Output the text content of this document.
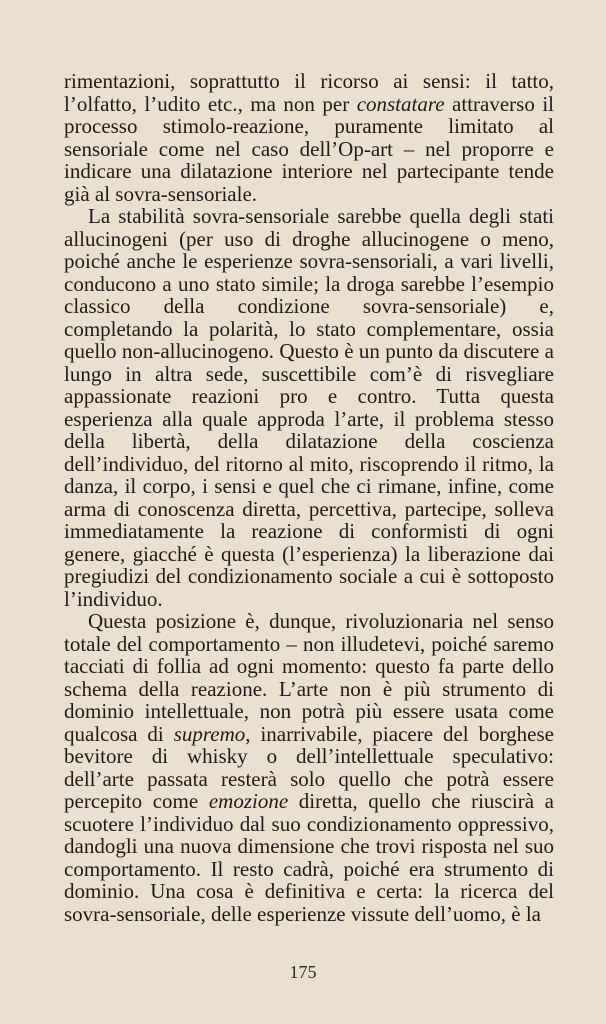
rimentazioni, soprattutto il ricorso ai sensi: il tatto, l’olfatto, l’udito etc., ma non per constatare attraverso il processo stimolo-reazione, puramente limitato al sensoriale come nel caso dell’Op-art – nel proporre e indicare una dilatazione interiore nel partecipante tende già al sovra-sensoriale.

La stabilità sovra-sensoriale sarebbe quella degli stati allucinogeni (per uso di droghe allucinogene o meno, poiché anche le esperienze sovra-sensoriali, a vari livelli, conducono a uno stato simile; la droga sarebbe l’esempio classico della condizione sovra-sensoriale) e, completando la polarità, lo stato complementare, ossia quello non-allucinogeno. Questo è un punto da discutere a lungo in altra sede, suscettibile com’è di risvegliare appassionate reazioni pro e contro. Tutta questa esperienza alla quale approda l’arte, il problema stesso della libertà, della dilatazione della coscienza dell’individuo, del ritorno al mito, riscoprendo il ritmo, la danza, il corpo, i sensi e quel che ci rimane, infine, come arma di conoscenza diretta, percettiva, partecipe, solleva immediatamente la reazione di conformisti di ogni genere, giacché è questa (l’esperienza) la liberazione dai pregiudizi del condizionamento sociale a cui è sottoposto l’individuo.

Questa posizione è, dunque, rivoluzionaria nel senso totale del comportamento – non illudetevi, poiché saremo tacciati di follia ad ogni momento: questo fa parte dello schema della reazione. L’arte non è più strumento di dominio intellettuale, non potrà più essere usata come qualcosa di supremo, inarrivabile, piacere del borghese bevitore di whisky o dell’intellettuale speculativo: dell’arte passata resterà solo quello che potrà essere percepito come emozione diretta, quello che riuscirà a scuotere l’individuo dal suo condizionamento oppressivo, dandogli una nuova dimensione che trovi risposta nel suo comportamento. Il resto cadrà, poiché era strumento di dominio. Una cosa è definitiva e certa: la ricerca del sovra-sensoriale, delle esperienze vissute dell’uomo, è la

175
